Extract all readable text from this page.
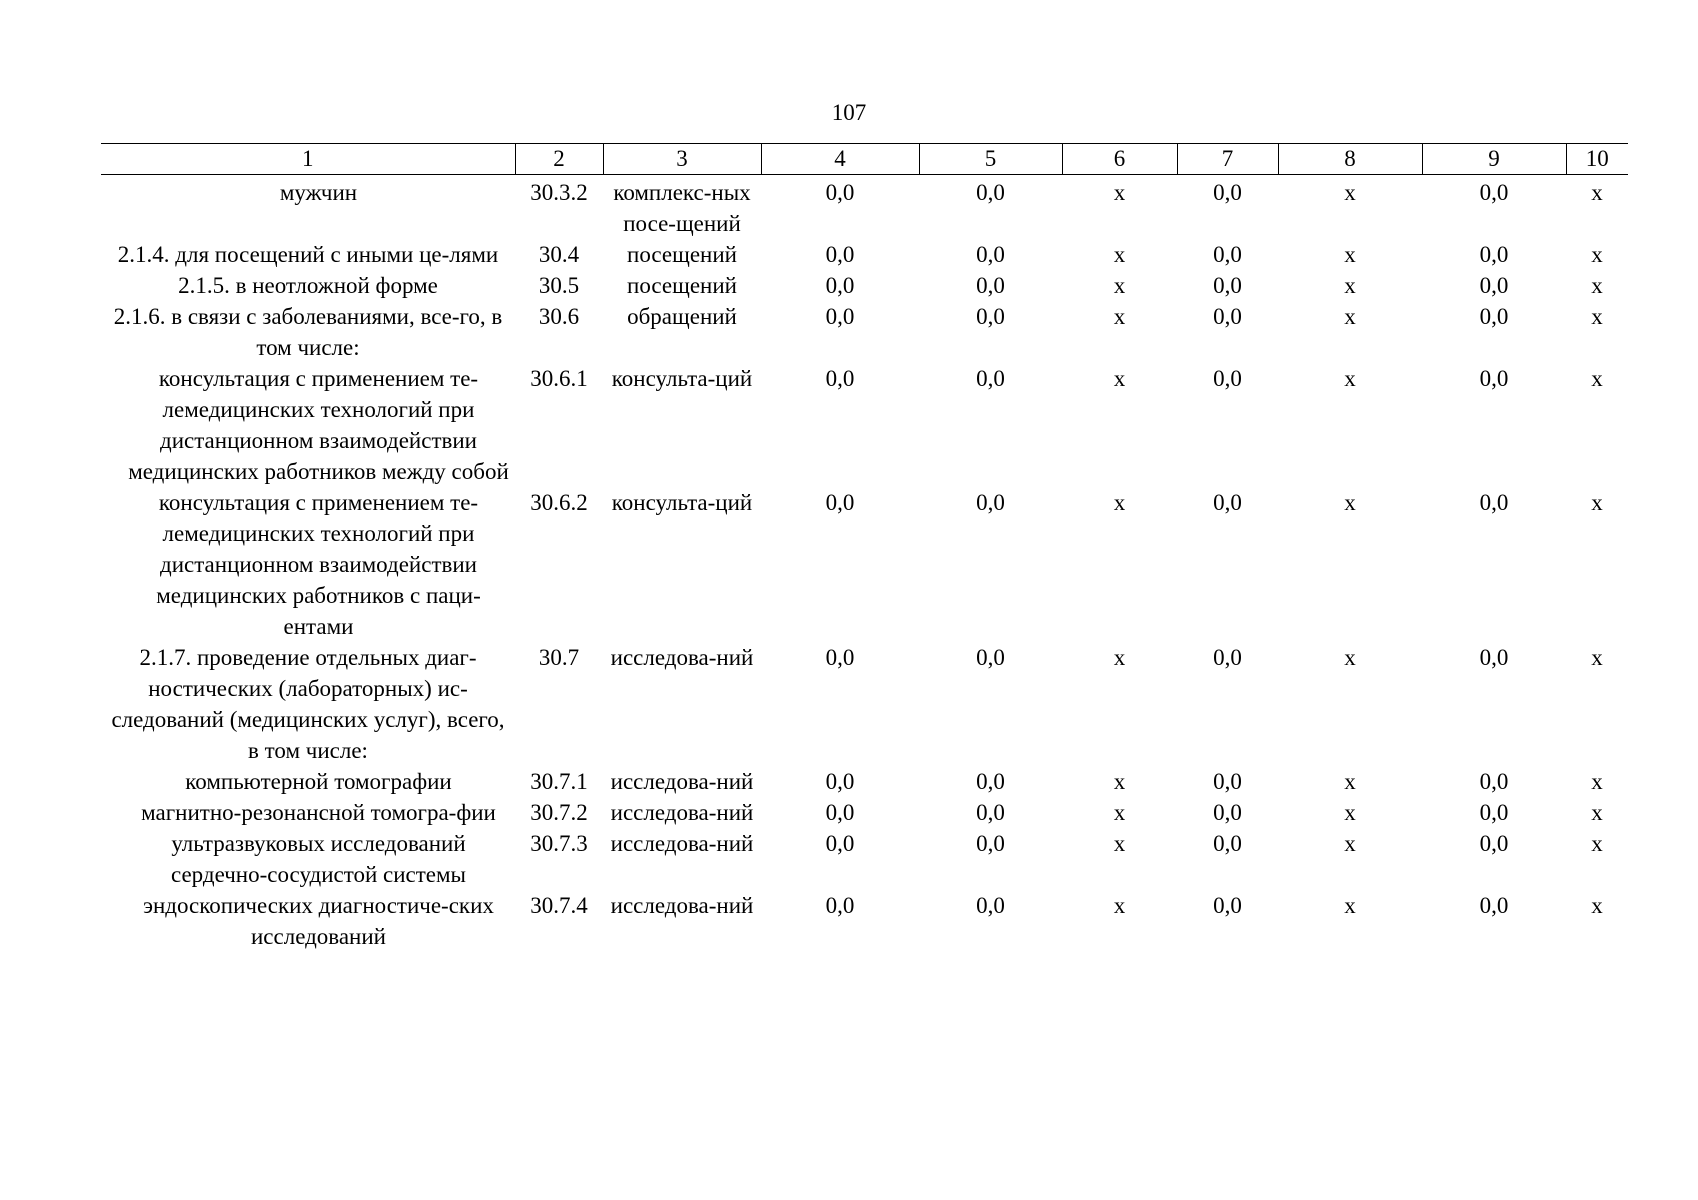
107
1	2	3	4	5	6	7	8	9	10
мужчин	30.3.2	комплекс-ных посе-щений	0,0	0,0	х	0,0	х	0,0	х
2.1.4. для посещений с иными це-лями	30.4	посещений	0,0	0,0	х	0,0	х	0,0	х
2.1.5. в неотложной форме	30.5	посещений	0,0	0,0	х	0,0	х	0,0	х
2.1.6. в связи с заболеваниями, все-го, в том числе:	30.6	обращений	0,0	0,0	х	0,0	х	0,0	х
консультация с применением те-лемедицинских технологий при дистанционном взаимодействии медицинских работников между собой	30.6.1	консульта-ций	0,0	0,0	х	0,0	х	0,0	х
консультация с применением те-лемедицинских технологий при дистанционном взаимодействии медицинских работников с паци-ентами	30.6.2	консульта-ций	0,0	0,0	х	0,0	х	0,0	х
2.1.7. проведение отдельных диаг-ностических (лабораторных) ис-следований (медицинских услуг), всего, в том числе:	30.7	исследова-ний	0,0	0,0	х	0,0	х	0,0	х
компьютерной томографии	30.7.1	исследова-ний	0,0	0,0	х	0,0	х	0,0	х
магнитно-резонансной томогра-фии	30.7.2	исследова-ний	0,0	0,0	х	0,0	х	0,0	х
ультразвуковых исследований сердечно-сосудистой системы	30.7.3	исследова-ний	0,0	0,0	х	0,0	х	0,0	х
эндоскопических диагностиче-ских исследований	30.7.4	исследова-ний	0,0	0,0	х	0,0	х	0,0	х
